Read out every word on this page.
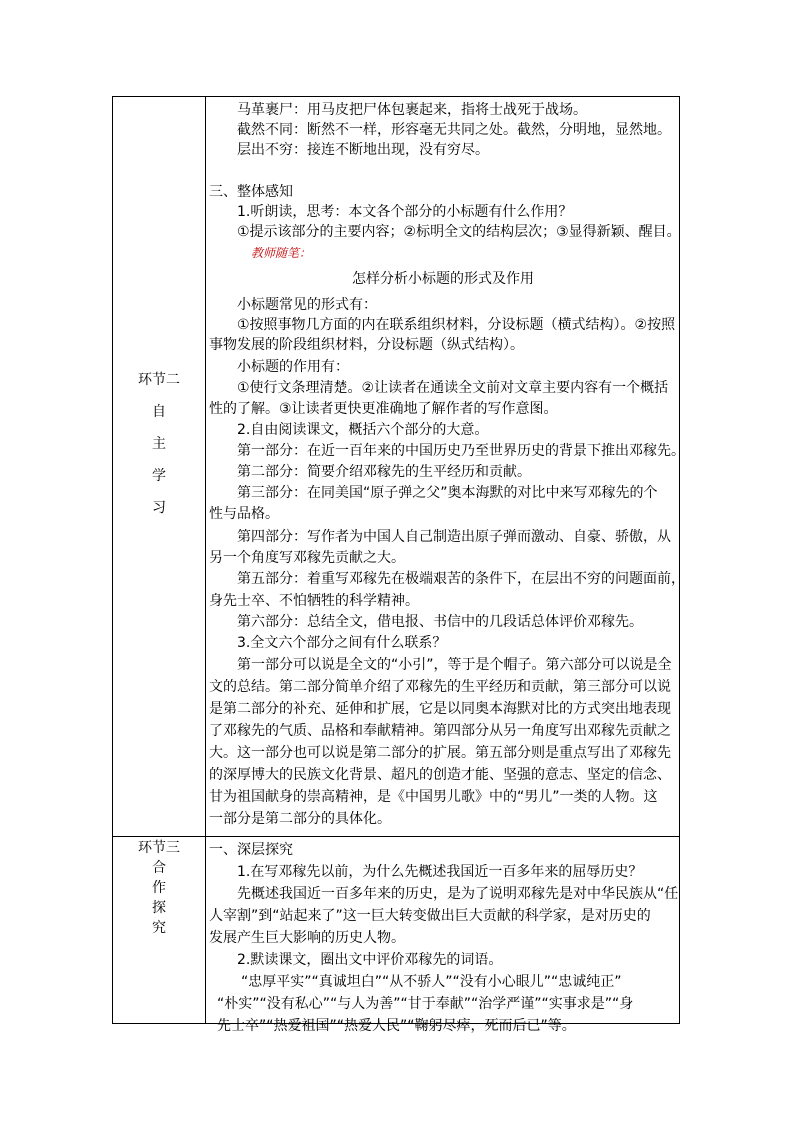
环节二
自
主
学
习
马革裹尸：用马皮把尸体包裹起来，指将士战死于战场。
截然不同：断然不一样，形容毫无共同之处。截然，分明地，显然地。
层出不穷：接连不断地出现，没有穷尽。
三、整体感知
1.听朗读，思考：本文各个部分的小标题有什么作用？
①提示该部分的主要内容；②标明全文的结构层次；③显得新颖、醒目。
教师随笔：
怎样分析小标题的形式及作用
小标题常见的形式有：
①按照事物几方面的内在联系组织材料，分设标题（横式结构）。②按照
事物发展的阶段组织材料，分设标题（纵式结构）。
小标题的作用有：
①使行文条理清楚。②让读者在通读全文前对文章主要内容有一个概括
性的了解。③让读者更快更准确地了解作者的写作意图。
2.自由阅读课文，概括六个部分的大意。
第一部分：在近一百年来的中国历史乃至世界历史的背景下推出邓稼先。
第二部分：简要介绍邓稼先的生平经历和贡献。
第三部分：在同美国“原子弹之父”奥本海默的对比中来写邓稼先的个
性与品格。
第四部分：写作者为中国人自己制造出原子弹而激动、自豪、骄傲，从
另一个角度写邓稼先贡献之大。
第五部分：着重写邓稼先在极端艰苦的条件下，在层出不穷的问题面前，
身先士卒、不怕牺牲的科学精神。
第六部分：总结全文，借电报、书信中的几段话总体评价邓稼先。
3.全文六个部分之间有什么联系？
第一部分可以说是全文的“小引”，等于是个帽子。第六部分可以说是全
文的总结。第二部分简单介绍了邓稼先的生平经历和贡献，第三部分可以说
是第二部分的补充、延伸和扩展，它是以同奥本海默对比的方式突出地表现
了邓稼先的气质、品格和奉献精神。第四部分从另一角度写出邓稼先贡献之
大。这一部分也可以说是第二部分的扩展。第五部分则是重点写出了邓稼先
的深厚博大的民族文化背景、超凡的创造才能、坚强的意志、坚定的信念、
甘为祖国献身的崇高精神，是《中国男儿歌》中的“男儿”一类的人物。这
一部分是第二部分的具体化。
环节三
合
作
探
究
一、深层探究
1.在写邓稼先以前，为什么先概述我国近一百多年来的屈辱历史？
先概述我国近一百多年来的历史，是为了说明邓稼先是对中华民族从“任
人宰割”到“站起来了”这一巨大转变做出巨大贡献的科学家，是对历史的
发展产生巨大影响的历史人物。
2.默读课文，圈出文中评价邓稼先的词语。
“忠厚平实”“真诚坦白”“从不骄人”“没有小心眼儿”“忠诚纯正”
“朴实”“没有私心”“与人为善”“甘于奉献”“治学严谨”“实事求是”“身
先士卒”“热爱祖国”“热爱人民”“鞠躬尽瘁，死而后已”等。
